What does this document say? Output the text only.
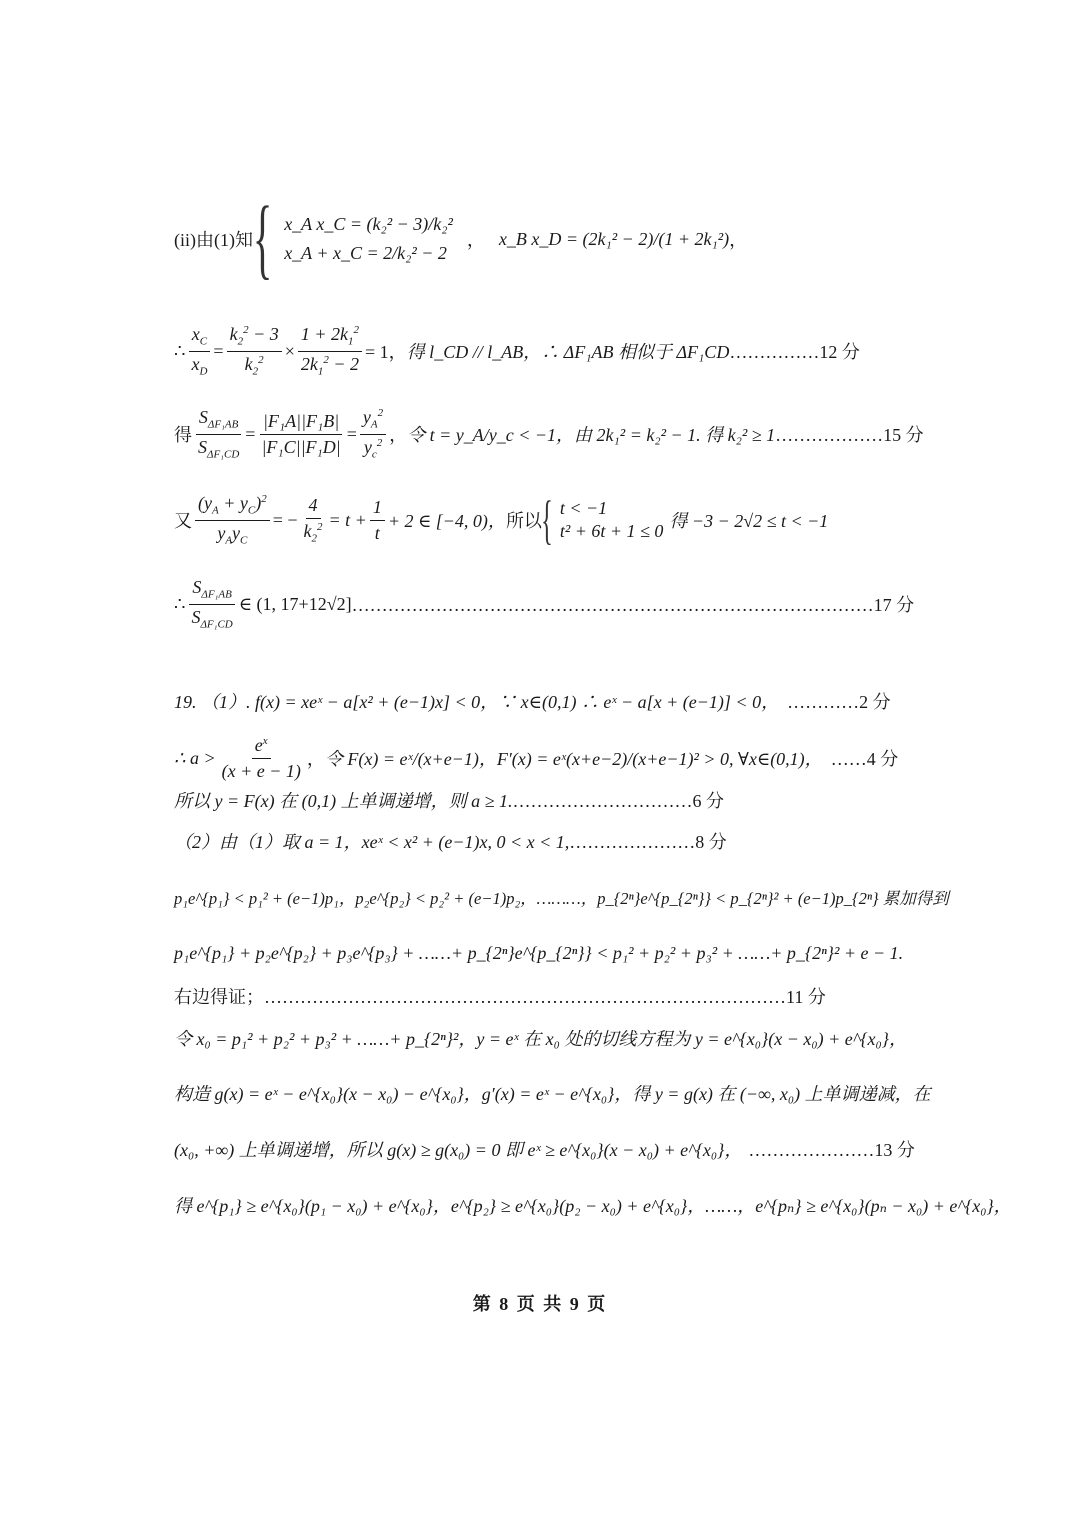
(ii)由(1)知 { x_A x_C = (k₂² − 3)/k₂²
x_A + x_C = 2/k₂² − 2
， x_B x_D = (2k₁² − 2)/(1 + 2k₁²) ，
∴ $\frac{x_C}{x_D} = \frac{k_2^2 - 3}{k_2^2} \times \frac{1 + 2k_1^2}{2k_1^2 - 2} = 1$， 得 l_CD // l_AB，∴ ΔF₁AB 相似于 ΔF₁CD ……………12 分
得 $\frac{S_{\Delta F_1AB}}{S_{\Delta F_1CD}} = \frac{\text{|F₁A||F₁B|}}{\text{|F₁C||F₁D|}} = \frac{y_A^2}{y_c^2}$ ， 令 t = y_A/y_c < −1，由 2k₁² = k₂² − 1. 得 k₂² ≥ 1 ………………15 分
又 $\frac{(y_A + y_C)^2}{y_Ay_C}$ = − $\frac{4}{k_2^2} = t + \frac{1}{t} + 2$ ∈ [−4, 0)， 所以 { t < −1
t² + 6t + 1 ≤ 0 得 −3 − 2√2 ≤ t < −1
∴ $\frac{S_{\Delta F_1AB}}{S_{\Delta F_1CD}}$ ∈ (1, 17+12√2] ……………………………………………………………………………17 分
19. （1）. f(x) = xeˣ − a[x² + (e−1)x] < 0，∵ x∈(0,1) ∴ eˣ − a[x + (e−1)] < 0， …………2 分
∴ $a > \frac{e^x}{(x + e - 1)}$ ， 令 F(x) = eˣ/(x+e−1)，F′(x) = eˣ(x+e−2)/(x+e−1)² > 0, ∀x∈(0,1)， ……4 分
所以 y = F(x) 在 (0,1) 上单调递增，则 a ≥ 1. …………………………6 分
（2）由（1）取 a = 1，xeˣ < x² + (e−1)x, 0 < x < 1, …………………8 分
p₁e^{p₁} < p₁² + (e−1)p₁，p₂e^{p₂} < p₂² + (e−1)p₂，………，p_{2ⁿ}e^{p_{2ⁿ}} < p_{2ⁿ}² + (e−1)p_{2ⁿ} 累加得到
p₁e^{p₁} + p₂e^{p₂} + p₃e^{p₃} + ……+ p_{2ⁿ}e^{p_{2ⁿ}} < p₁² + p₂² + p₃² + ……+ p_{2ⁿ}² + e − 1.
右边得证； ……………………………………………………………………………11 分
令 x₀ = p₁² + p₂² + p₃² + ……+ p_{2ⁿ}²，y = eˣ 在 x₀ 处的切线方程为 y = e^{x₀}(x − x₀) + e^{x₀}，
构造 g(x) = eˣ − e^{x₀}(x − x₀) − e^{x₀}，g′(x) = eˣ − e^{x₀}，得 y = g(x) 在 (−∞, x₀) 上单调递减，在
(x₀, +∞) 上单调递增，所以 g(x) ≥ g(x₀) = 0 即 eˣ ≥ e^{x₀}(x − x₀) + e^{x₀}， …………………13 分
得 e^{p₁} ≥ e^{x₀}(p₁ − x₀) + e^{x₀}，e^{p₂} ≥ e^{x₀}(p₂ − x₀) + e^{x₀}，……，e^{pₙ} ≥ e^{x₀}(pₙ − x₀) + e^{x₀}，
第 8 页 共 9 页
